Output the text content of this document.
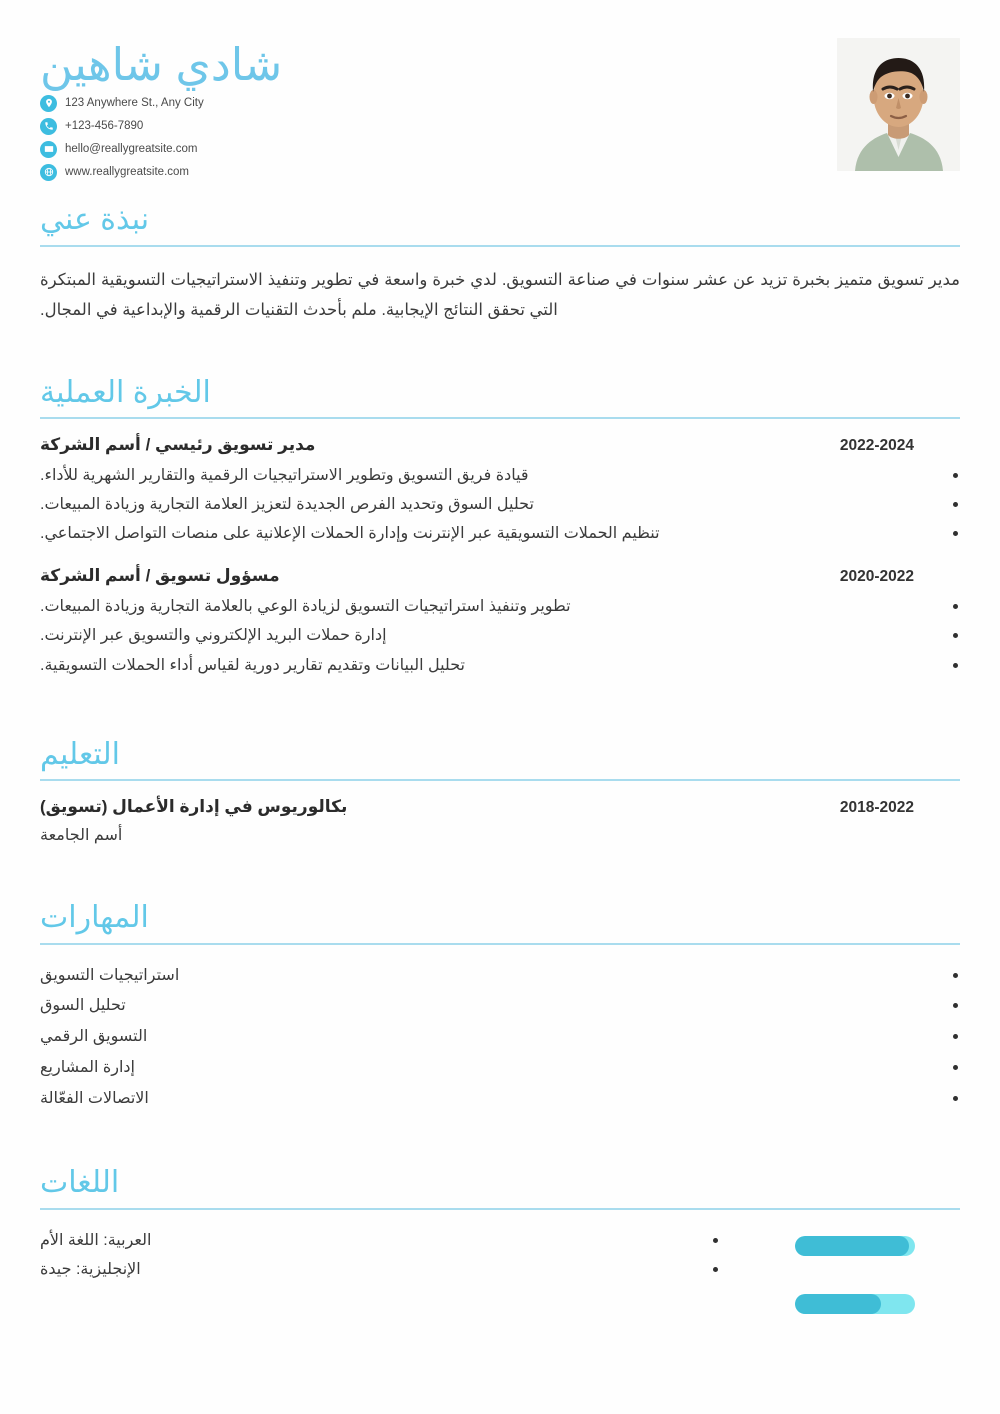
شادي شاهين
123 Anywhere St., Any City
+123-456-7890
hello@reallygreatsite.com
www.reallygreatsite.com
نبذة عني

مدير تسويق متميز بخبرة تزيد عن عشر سنوات في صناعة التسويق. لدي خبرة واسعة في تطوير وتنفيذ الاستراتيجيات التسويقية المبتكرة التي تحقق النتائج الإيجابية. ملم بأحدث التقنيات الرقمية والإبداعية في المجال.

الخبرة العملية
مدير تسويق رئيسي / أسم الشركة	2022-2024
قيادة فريق التسويق وتطوير الاستراتيجيات الرقمية والتقارير الشهرية للأداء.
تحليل السوق وتحديد الفرص الجديدة لتعزيز العلامة التجارية وزيادة المبيعات.
تنظيم الحملات التسويقية عبر الإنترنت وإدارة الحملات الإعلانية على منصات التواصل الاجتماعي.
مسؤول تسويق / أسم الشركة	2020-2022
تطوير وتنفيذ استراتيجيات التسويق لزيادة الوعي بالعلامة التجارية وزيادة المبيعات.
إدارة حملات البريد الإلكتروني والتسويق عبر الإنترنت.
تحليل البيانات وتقديم تقارير دورية لقياس أداء الحملات التسويقية.
التعليم
بكالوريوس في إدارة الأعمال (تسويق)	2018-2022
أسم الجامعة
المهارات
استراتيجيات التسويق
تحليل السوق
التسويق الرقمي
إدارة المشاريع
الاتصالات الفعّالة
اللغات
العربية: اللغة الأم
الإنجليزية: جيدة
